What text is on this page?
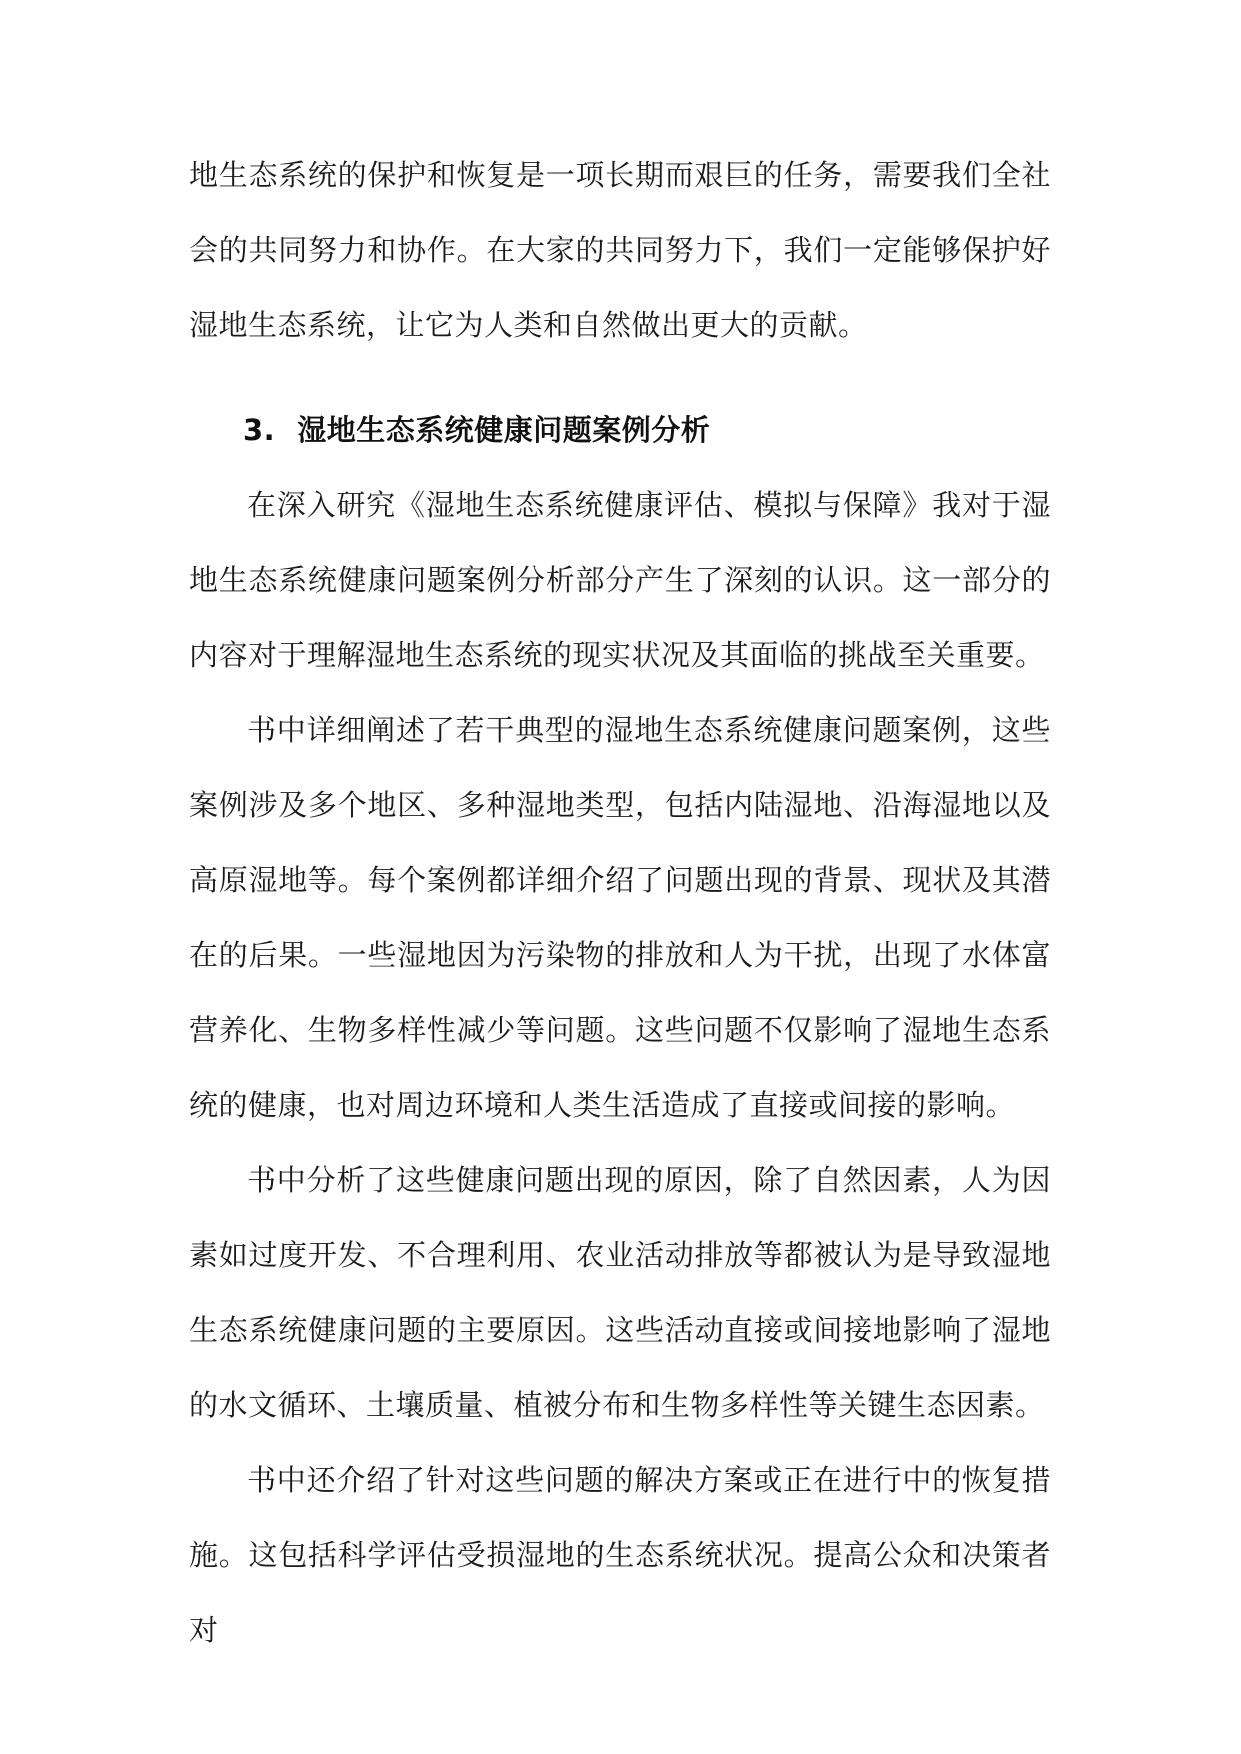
地生态系统的保护和恢复是一项长期而艰巨的任务，需要我们全社会的共同努力和协作。在大家的共同努力下，我们一定能够保护好湿地生态系统，让它为人类和自然做出更大的贡献。
3. 湿地生态系统健康问题案例分析

在深入研究《湿地生态系统健康评估、模拟与保障》我对于湿地生态系统健康问题案例分析部分产生了深刻的认识。这一部分的内容对于理解湿地生态系统的现实状况及其面临的挑战至关重要。

书中详细阐述了若干典型的湿地生态系统健康问题案例，这些案例涉及多个地区、多种湿地类型，包括内陆湿地、沿海湿地以及高原湿地等。每个案例都详细介绍了问题出现的背景、现状及其潜在的后果。一些湿地因为污染物的排放和人为干扰，出现了水体富营养化、生物多样性减少等问题。这些问题不仅影响了湿地生态系统的健康，也对周边环境和人类生活造成了直接或间接的影响。

书中分析了这些健康问题出现的原因，除了自然因素，人为因素如过度开发、不合理利用、农业活动排放等都被认为是导致湿地生态系统健康问题的主要原因。这些活动直接或间接地影响了湿地的水文循环、土壤质量、植被分布和生物多样性等关键生态因素。

书中还介绍了针对这些问题的解决方案或正在进行中的恢复措施。这包括科学评估受损湿地的生态系统状况。提高公众和决策者对
